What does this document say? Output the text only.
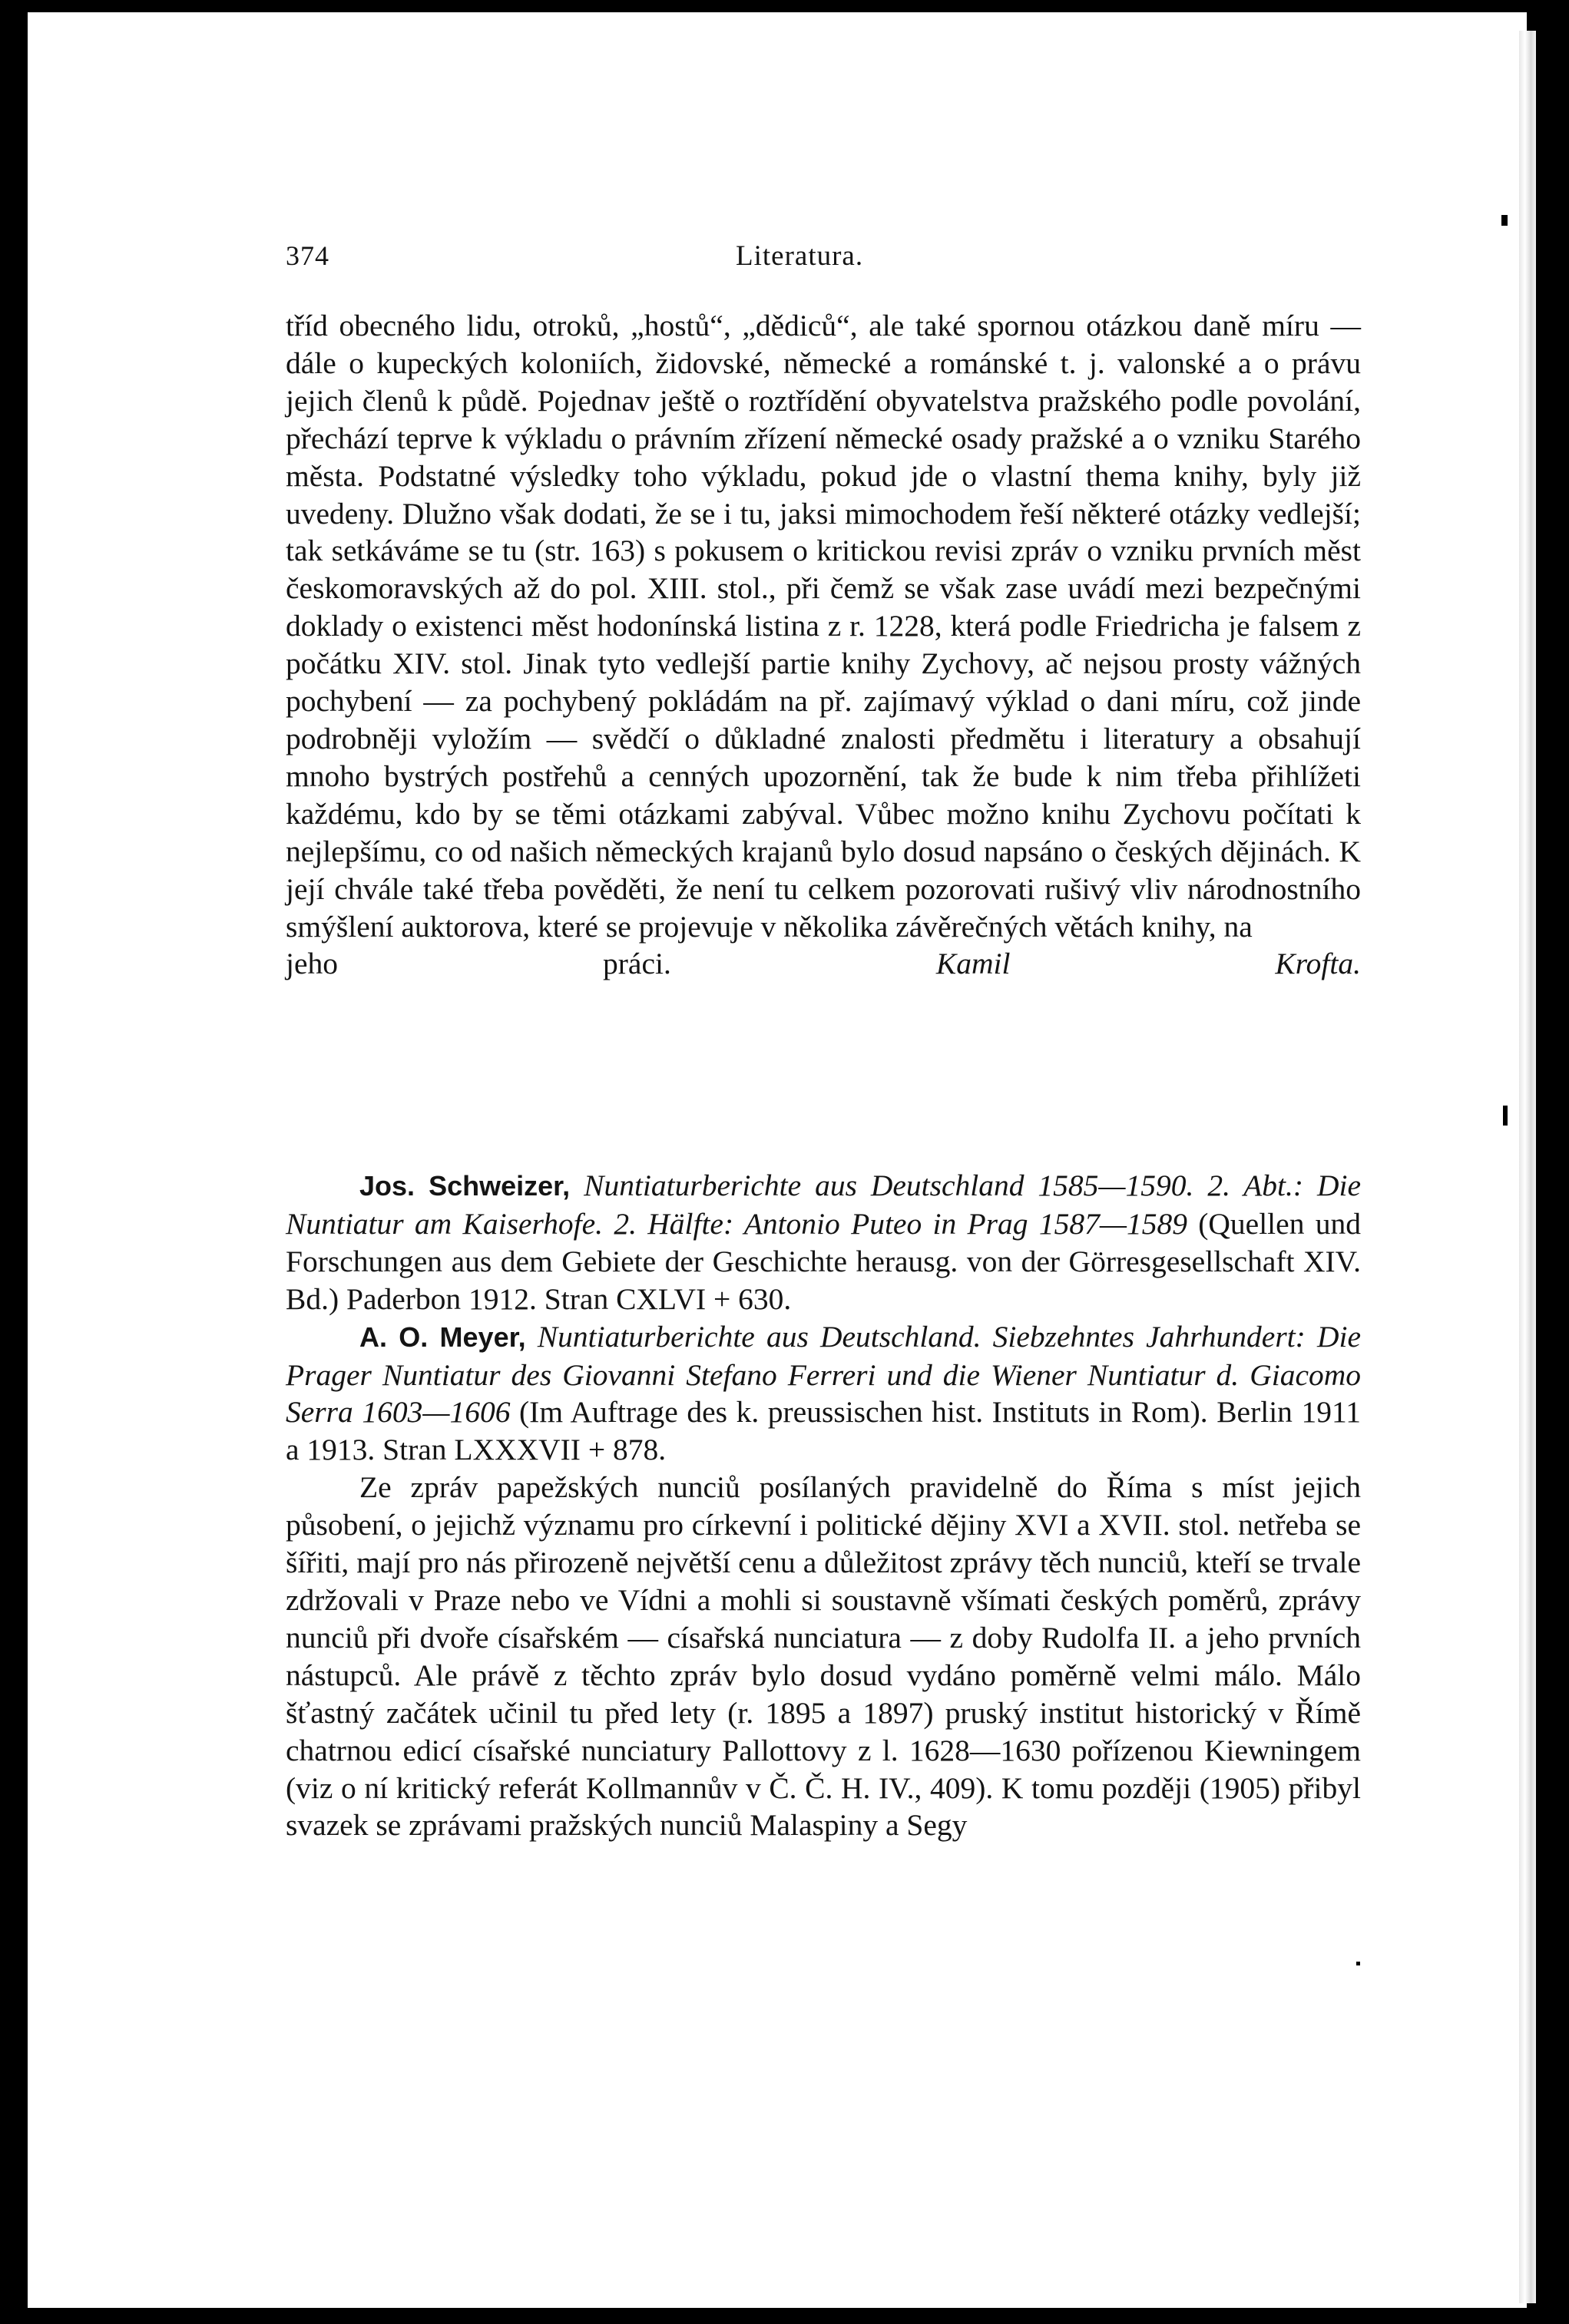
374	Literatura.

tříd obecného lidu, otroků, „hostů“, „dědiců“, ale také spornou otázkou daně míru — dále o kupeckých koloniích, židovské, německé a románské t. j. valonské a o právu jejich členů k půdě. Pojednav ještě o roztřídění obyvatelstva pražského podle povolání, přechází teprve k výkladu o právním zřízení německé osady pražské a o vzniku Starého města. Podstatné výsledky toho výkladu, pokud jde o vlastní thema knihy, byly již uvedeny. Dlužno však dodati, že se i tu, jaksi mimochodem řeší některé otázky vedlejší; tak setkáváme se tu (str. 163) s pokusem o kritickou revisi zpráv o vzniku prvních měst českomoravských až do pol. XIII. stol., při čemž se však zase uvádí mezi bezpečnými doklady o existenci měst hodonínská listina z r. 1228, která podle Friedricha je falsem z počátku XIV. stol. Jinak tyto vedlejší partie knihy Zychovy, ač nejsou prosty vážných pochybení — za pochybený pokládám na př. zajímavý výklad o dani míru, což jinde podrobněji vyložím — svědčí o důkladné znalosti předmětu i literatury a obsahují mnoho bystrých postřehů a cenných upozornění, tak že bude k nim třeba přihlížeti každému, kdo by se těmi otázkami zabýval. Vůbec možno knihu Zychovu počítati k nejlepšímu, co od našich německých krajanů bylo dosud napsáno o českých dějinách. K její chvále také třeba pověděti, že není tu celkem pozorovati rušivý vliv národnostního smýšlení auktorova, které se projevuje v několika závěrečných větách knihy, na

jeho práci.	Kamil Krofta.

Jos. Schweizer, Nuntiaturberichte aus Deutschland 1585—1590. 2. Abt.: Die Nuntiatur am Kaiserhofe. 2. Hälfte: Antonio Puteo in Prag 1587—1589 (Quellen und Forschungen aus dem Gebiete der Geschichte herausg. von der Görresgesellschaft XIV. Bd.) Paderbon 1912. Stran CXLVI + 630.

A. O. Meyer, Nuntiaturberichte aus Deutschland. Siebzehntes Jahrhundert: Die Prager Nuntiatur des Giovanni Stefano Ferreri und die Wiener Nuntiatur d. Giacomo Serra 1603—1606 (Im Auftrage des k. preussischen hist. Instituts in Rom). Berlin 1911 a 1913. Stran LXXXVII + 878.

Ze zpráv papežských nunciů posílaných pravidelně do Říma s míst jejich působení, o jejichž významu pro církevní i politické dějiny XVI a XVII. stol. netřeba se šířiti, mají pro nás přirozeně největší cenu a důležitost zprávy těch nunciů, kteří se trvale zdržovali v Praze nebo ve Vídni a mohli si soustavně všímati českých poměrů, zprávy nunciů při dvoře císařském — císařská nunciatura — z doby Rudolfa II. a jeho prvních nástupců. Ale právě z těchto zpráv bylo dosud vydáno poměrně velmi málo. Málo šťastný začátek učinil tu před lety (r. 1895 a 1897) pruský institut historický v Římě chatrnou edicí císařské nunciatury Pallottovy z l. 1628—1630 pořízenou Kiewningem (viz o ní kritický referát Kollmannův v Č. Č. H. IV., 409). K tomu později (1905) přibyl svazek se zprávami pražských nunciů Malaspiny a Segy
